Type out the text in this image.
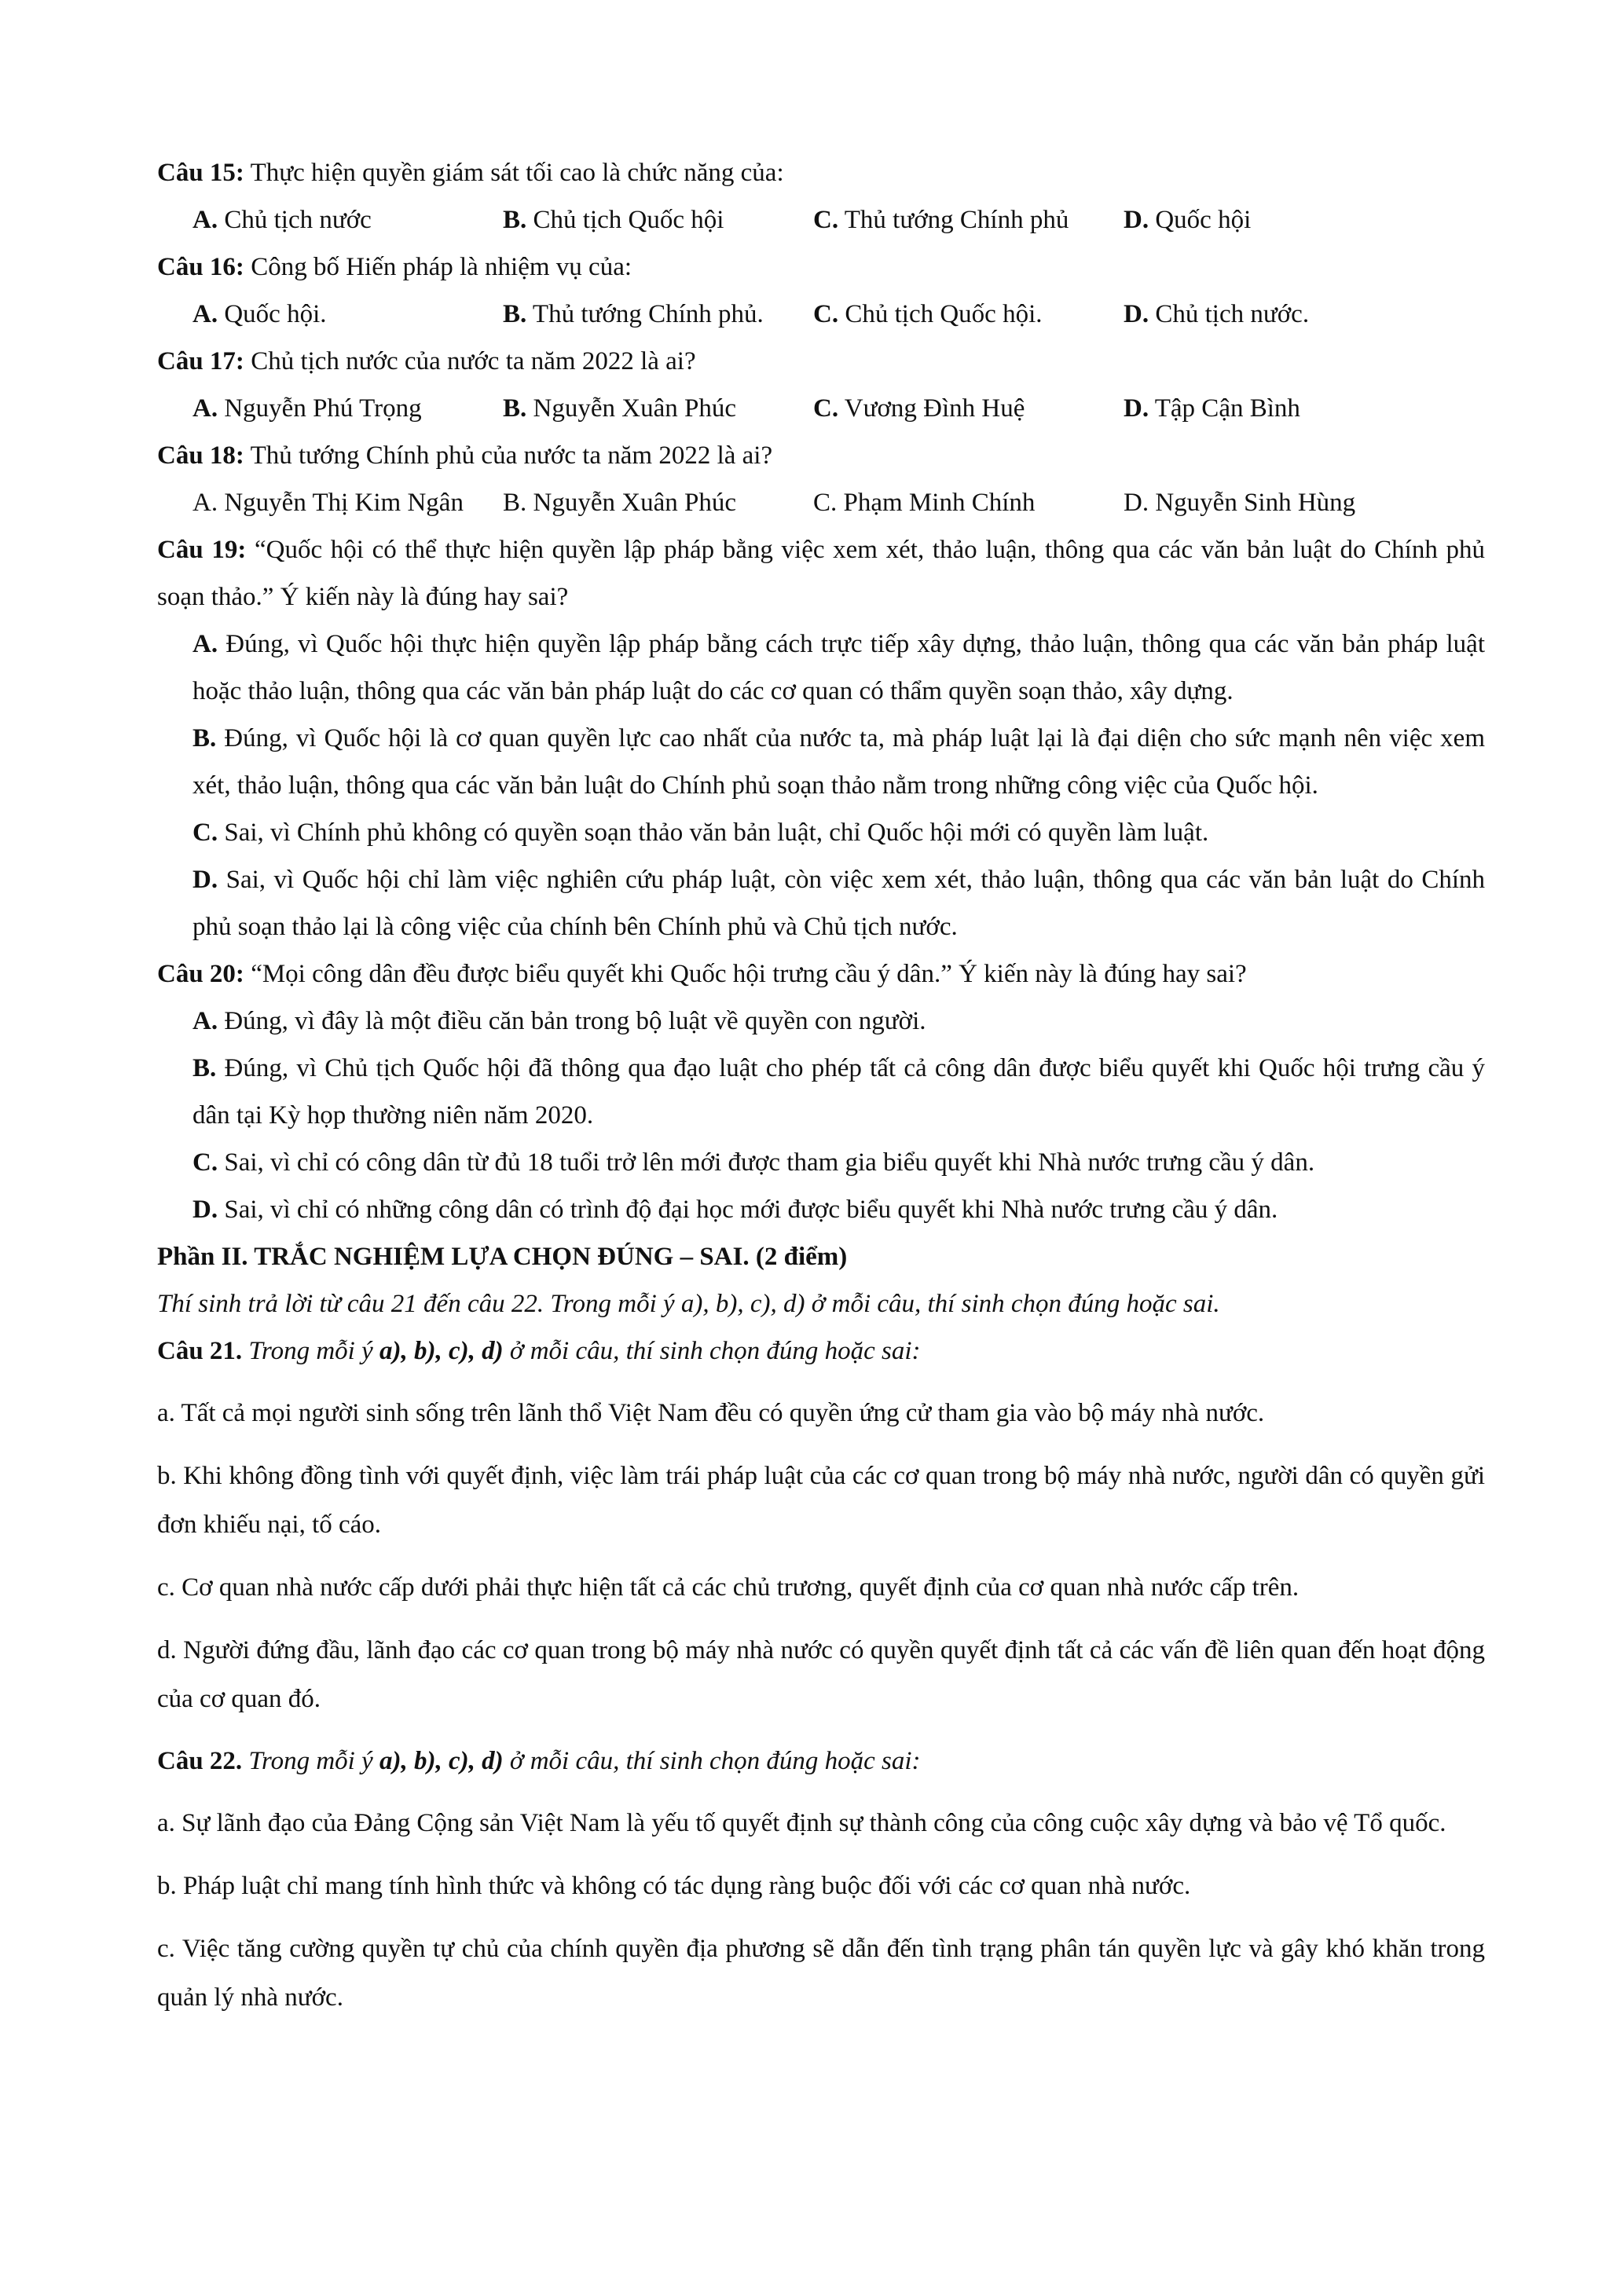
Câu 15: Thực hiện quyền giám sát tối cao là chức năng của:
A. Chủ tịch nước	B. Chủ tịch Quốc hội	C. Thủ tướng Chính phủ	D. Quốc hội
Câu 16: Công bố Hiến pháp là nhiệm vụ của:
A. Quốc hội.	B. Thủ tướng Chính phủ.	C. Chủ tịch Quốc hội.	D. Chủ tịch nước.
Câu 17: Chủ tịch nước của nước ta năm 2022 là ai?
A. Nguyễn Phú Trọng	B. Nguyễn Xuân Phúc	C. Vương Đình Huệ	D. Tập Cận Bình
Câu 18: Thủ tướng Chính phủ của nước ta năm 2022 là ai?
A. Nguyễn Thị Kim Ngân	B. Nguyễn Xuân Phúc	C. Phạm Minh Chính	D. Nguyễn Sinh Hùng
Câu 19: “Quốc hội có thể thực hiện quyền lập pháp bằng việc xem xét, thảo luận, thông qua các văn bản luật do Chính phủ soạn thảo.” Ý kiến này là đúng hay sai?
A. Đúng, vì Quốc hội thực hiện quyền lập pháp bằng cách trực tiếp xây dựng, thảo luận, thông qua các văn bản pháp luật hoặc thảo luận, thông qua các văn bản pháp luật do các cơ quan có thẩm quyền soạn thảo, xây dựng.
B. Đúng, vì Quốc hội là cơ quan quyền lực cao nhất của nước ta, mà pháp luật lại là đại diện cho sức mạnh nên việc xem xét, thảo luận, thông qua các văn bản luật do Chính phủ soạn thảo nằm trong những công việc của Quốc hội.
C. Sai, vì Chính phủ không có quyền soạn thảo văn bản luật, chỉ Quốc hội mới có quyền làm luật.
D. Sai, vì Quốc hội chỉ làm việc nghiên cứu pháp luật, còn việc xem xét, thảo luận, thông qua các văn bản luật do Chính phủ soạn thảo lại là công việc của chính bên Chính phủ và Chủ tịch nước.
Câu 20: “Mọi công dân đều được biểu quyết khi Quốc hội trưng cầu ý dân.” Ý kiến này là đúng hay sai?
A. Đúng, vì đây là một điều căn bản trong bộ luật về quyền con người.
B. Đúng, vì Chủ tịch Quốc hội đã thông qua đạo luật cho phép tất cả công dân được biểu quyết khi Quốc hội trưng cầu ý dân tại Kỳ họp thường niên năm 2020.
C. Sai, vì chỉ có công dân từ đủ 18 tuổi trở lên mới được tham gia biểu quyết khi Nhà nước trưng cầu ý dân.
D. Sai, vì chỉ có những công dân có trình độ đại học mới được biểu quyết khi Nhà nước trưng cầu ý dân.
Phần II. TRẮC NGHIỆM LỰA CHỌN ĐÚNG – SAI. (2 điểm)
Thí sinh trả lời từ câu 21 đến câu 22. Trong mỗi ý a), b), c), d) ở mỗi câu, thí sinh chọn đúng hoặc sai.
Câu 21. Trong mỗi ý a), b), c), d) ở mỗi câu, thí sinh chọn đúng hoặc sai:
a. Tất cả mọi người sinh sống trên lãnh thổ Việt Nam đều có quyền ứng cử tham gia vào bộ máy nhà nước.
b. Khi không đồng tình với quyết định, việc làm trái pháp luật của các cơ quan trong bộ máy nhà nước, người dân có quyền gửi đơn khiếu nại, tố cáo.
c. Cơ quan nhà nước cấp dưới phải thực hiện tất cả các chủ trương, quyết định của cơ quan nhà nước cấp trên.
d. Người đứng đầu, lãnh đạo các cơ quan trong bộ máy nhà nước có quyền quyết định tất cả các vấn đề liên quan đến hoạt động của cơ quan đó.
Câu 22. Trong mỗi ý a), b), c), d) ở mỗi câu, thí sinh chọn đúng hoặc sai:
a. Sự lãnh đạo của Đảng Cộng sản Việt Nam là yếu tố quyết định sự thành công của công cuộc xây dựng và bảo vệ Tổ quốc.
b. Pháp luật chỉ mang tính hình thức và không có tác dụng ràng buộc đối với các cơ quan nhà nước.
c. Việc tăng cường quyền tự chủ của chính quyền địa phương sẽ dẫn đến tình trạng phân tán quyền lực và gây khó khăn trong quản lý nhà nước.
